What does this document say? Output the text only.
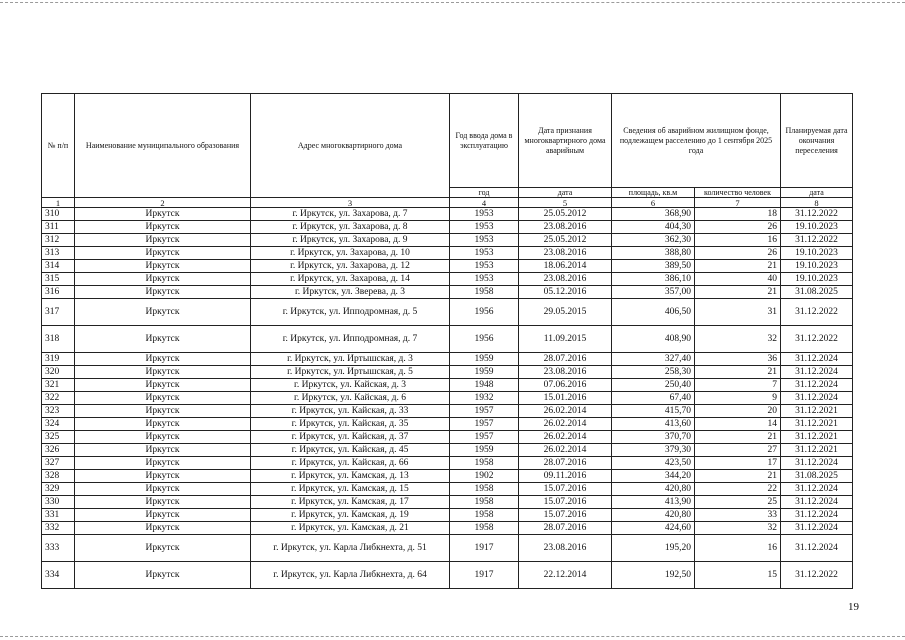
№ п/п	Наименование муниципального образования	Адрес многоквартирного дома	Год ввода дома в эксплуатацию	Дата признания многоквартирного дома аварийным	Сведения об аварийном жилищном фонде, подлежащем расселению до 1 сентября 2025 года		Планируемая дата окончания переселения
			год	дата	площадь, кв.м	количество человек	дата
1	2	3	4	5	6	7	8
310	Иркутск	г. Иркутск, ул. Захарова, д. 7	1953	25.05.2012	368,90	18	31.12.2022
311	Иркутск	г. Иркутск, ул. Захарова, д. 8	1953	23.08.2016	404,30	26	19.10.2023
312	Иркутск	г. Иркутск, ул. Захарова, д. 9	1953	25.05.2012	362,30	16	31.12.2022
313	Иркутск	г. Иркутск, ул. Захарова, д. 10	1953	23.08.2016	388,80	26	19.10.2023
314	Иркутск	г. Иркутск, ул. Захарова, д. 12	1953	18.06.2014	389,50	21	19.10.2023
315	Иркутск	г. Иркутск, ул. Захарова, д. 14	1953	23.08.2016	386,10	40	19.10.2023
316	Иркутск	г. Иркутск, ул. Зверева, д. 3	1958	05.12.2016	357,00	21	31.08.2025
317	Иркутск	г. Иркутск, ул. Ипподромная, д. 5	1956	29.05.2015	406,50	31	31.12.2022
318	Иркутск	г. Иркутск, ул. Ипподромная, д. 7	1956	11.09.2015	408,90	32	31.12.2022
319	Иркутск	г. Иркутск, ул. Иртышская, д. 3	1959	28.07.2016	327,40	36	31.12.2024
320	Иркутск	г. Иркутск, ул. Иртышская, д. 5	1959	23.08.2016	258,30	21	31.12.2024
321	Иркутск	г. Иркутск, ул. Кайская, д. 3	1948	07.06.2016	250,40	7	31.12.2024
322	Иркутск	г. Иркутск, ул. Кайская, д. 6	1932	15.01.2016	67,40	9	31.12.2024
323	Иркутск	г. Иркутск, ул. Кайская, д. 33	1957	26.02.2014	415,70	20	31.12.2021
324	Иркутск	г. Иркутск, ул. Кайская, д. 35	1957	26.02.2014	413,60	14	31.12.2021
325	Иркутск	г. Иркутск, ул. Кайская, д. 37	1957	26.02.2014	370,70	21	31.12.2021
326	Иркутск	г. Иркутск, ул. Кайская, д. 45	1959	26.02.2014	379,30	27	31.12.2021
327	Иркутск	г. Иркутск, ул. Кайская, д. 66	1958	28.07.2016	423,50	17	31.12.2024
328	Иркутск	г. Иркутск, ул. Камская, д. 13	1902	09.11.2016	344,20	21	31.08.2025
329	Иркутск	г. Иркутск, ул. Камская, д. 15	1958	15.07.2016	420,80	22	31.12.2024
330	Иркутск	г. Иркутск, ул. Камская, д. 17	1958	15.07.2016	413,90	25	31.12.2024
331	Иркутск	г. Иркутск, ул. Камская, д. 19	1958	15.07.2016	420,80	33	31.12.2024
332	Иркутск	г. Иркутск, ул. Камская, д. 21	1958	28.07.2016	424,60	32	31.12.2024
333	Иркутск	г. Иркутск, ул. Карла Либкнехта, д. 51	1917	23.08.2016	195,20	16	31.12.2024
334	Иркутск	г. Иркутск, ул. Карла Либкнехта, д. 64	1917	22.12.2014	192,50	15	31.12.2022
19
